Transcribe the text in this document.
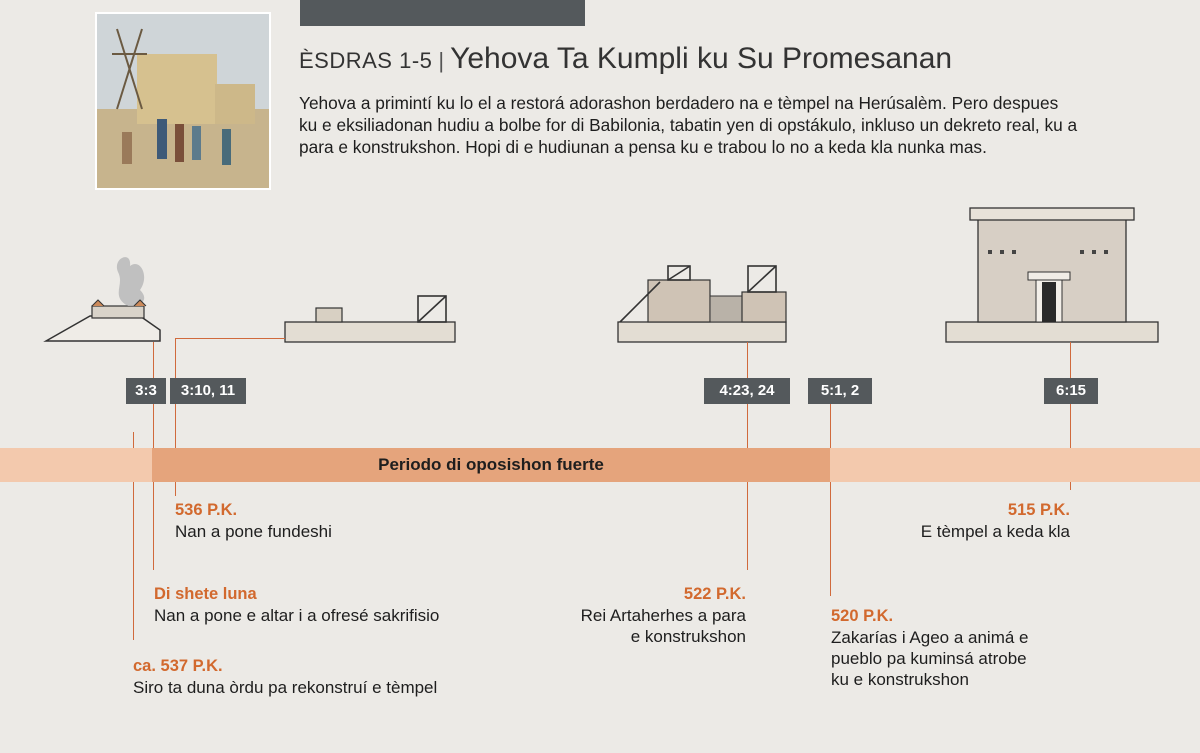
ÈSDRAS 1-5 | Yehova Ta Kumpli ku Su Promesanan
Yehova a primintí ku lo el a restorá adorashon berdadero na e tèmpel na Herúsalèm. Pero despues ku e eksiliadonan hudiu a bolbe for di Babilonia, tabatin yen di opstákulo, inkluso un dekreto real, ku a para e konstrukshon. Hopi di e hudiunan a pensa ku e trabou lo no a keda kla nunka mas.
Periodo di oposishon fuerte
3:3	3:10, 11	4:23, 24	5:1, 2	6:15
536 P.K.
Nan a pone fundeshi
Di shete luna
Nan a pone e altar i a ofresé sakrifisio
ca. 537 P.K.
Siro ta duna òrdu pa rekonstruí e tèmpel
522 P.K.
Rei Artaherhes a para
e konstrukshon
520 P.K.
Zakarías i Ageo a animá e
pueblo pa kuminsá atrobe
ku e konstrukshon
515 P.K.
E tèmpel a keda kla
